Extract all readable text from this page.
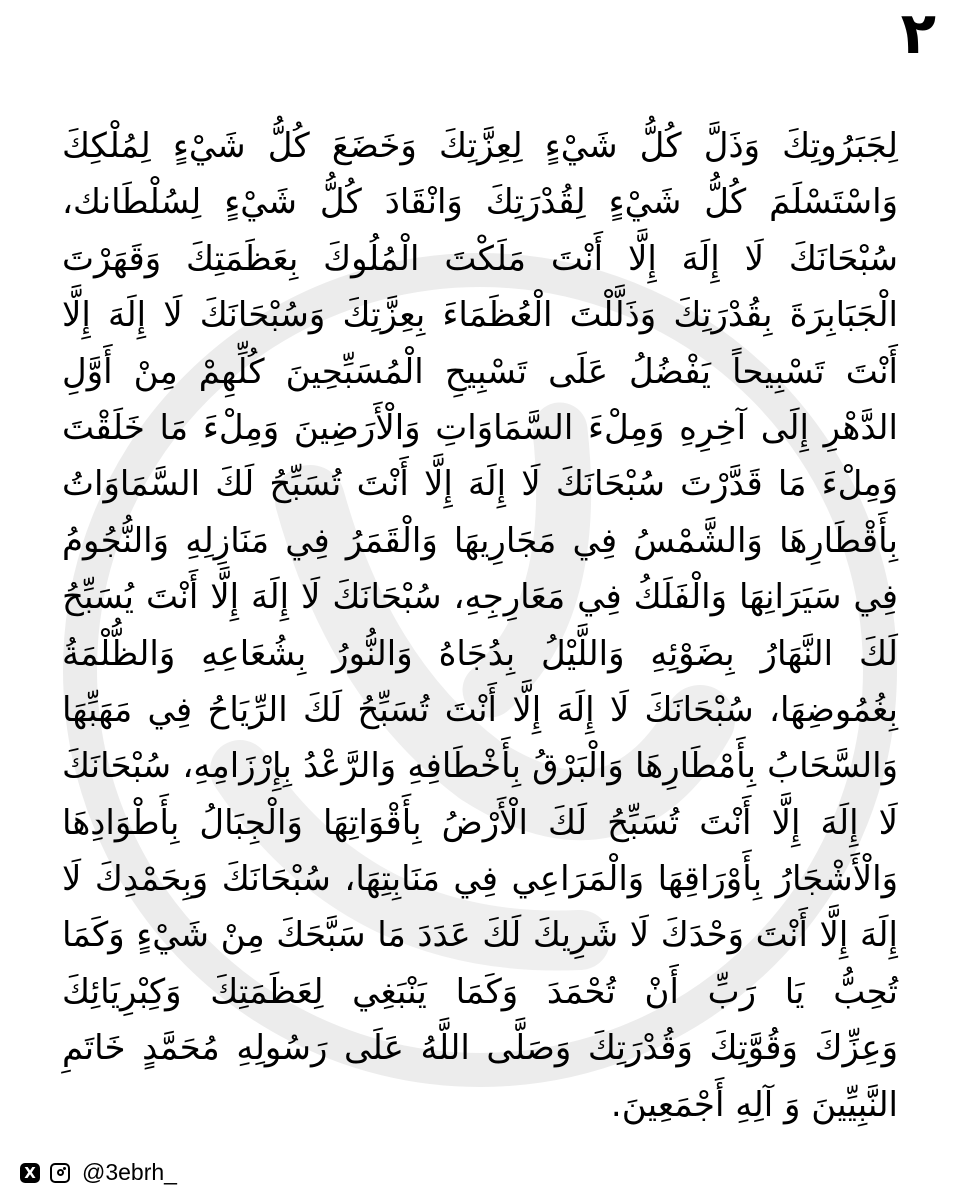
٢
لِجَبَرُوتِكَ وَذَلَّ كُلُّ شَيْءٍ لِعِزَّتِكَ وَخَضَعَ كُلُّ شَيْءٍ لِمُلْكِكَ
وَاسْتَسْلَمَ كُلُّ شَيْءٍ لِقُدْرَتِكَ وَانْقَادَ كُلُّ شَيْءٍ لِسُلْطَانك،
سُبْحَانَكَ لَا إِلَهَ إِلَّا أَنْتَ مَلَكْتَ الْمُلُوكَ بِعَظَمَتِكَ وَقَهَرْتَ
الْجَبَابِرَةَ بِقُدْرَتِكَ وَذَلَّلْتَ الْعُظَمَاءَ بِعِزَّتِكَ وَسُبْحَانَكَ لَا إِلَهَ إِلَّا
أَنْتَ تَسْبِيحاً يَفْضُلُ عَلَى تَسْبِيحِ الْمُسَبِّحِينَ كُلِّهِمْ مِنْ أَوَّلِ
الدَّهْرِ إِلَى آخِرِهِ وَمِلْءَ السَّمَاوَاتِ وَالْأَرَضِينَ وَمِلْءَ مَا خَلَقْتَ
وَمِلْءَ مَا قَدَّرْتَ سُبْحَانَكَ لَا إِلَهَ إِلَّا أَنْتَ تُسَبِّحُ لَكَ السَّمَاوَاتُ
بِأَقْطَارِهَا وَالشَّمْسُ فِي مَجَارِيهَا وَالْقَمَرُ فِي مَنَازِلِهِ وَالنُّجُومُ
فِي سَيَرَانِهَا وَالْفَلَكُ فِي مَعَارِجِهِ، سُبْحَانَكَ لَا إِلَهَ إِلَّا أَنْتَ يُسَبِّحُ
لَكَ النَّهَارُ بِضَوْئِهِ وَاللَّيْلُ بِدُجَاهُ وَالنُّورُ بِشُعَاعِهِ وَالظُّلْمَةُ
بِغُمُوضِهَا، سُبْحَانَكَ لَا إِلَهَ إِلَّا أَنْتَ تُسَبِّحُ لَكَ الرِّيَاحُ فِي مَهَبِّهَا
وَالسَّحَابُ بِأَمْطَارِهَا وَالْبَرْقُ بِأَخْطَافِهِ وَالرَّعْدُ بِإِرْزَامِهِ، سُبْحَانَكَ
لَا إِلَهَ إِلَّا أَنْتَ تُسَبِّحُ لَكَ الْأَرْضُ بِأَقْوَاتِهَا وَالْجِبَالُ بِأَطْوَادِهَا
وَالْأَشْجَارُ بِأَوْرَاقِهَا وَالْمَرَاعِي فِي مَنَابِتِهَا، سُبْحَانَكَ وَبِحَمْدِكَ لَا
إِلَهَ إِلَّا أَنْتَ وَحْدَكَ لَا شَرِيكَ لَكَ عَدَدَ مَا سَبَّحَكَ مِنْ شَيْءٍ وَكَمَا
تُحِبُّ يَا رَبِّ أَنْ تُحْمَدَ وَكَمَا يَنْبَغِي لِعَظَمَتِكَ وَكِبْرِيَائِكَ
وَعِزِّكَ وَقُوَّتِكَ وَقُدْرَتِكَ وَصَلَّى اللَّهُ عَلَى رَسُولِهِ مُحَمَّدٍ خَاتَمِ
النَّبِيِّينَ وَ آلِهِ أَجْمَعِينَ.
X @3ebrh_
